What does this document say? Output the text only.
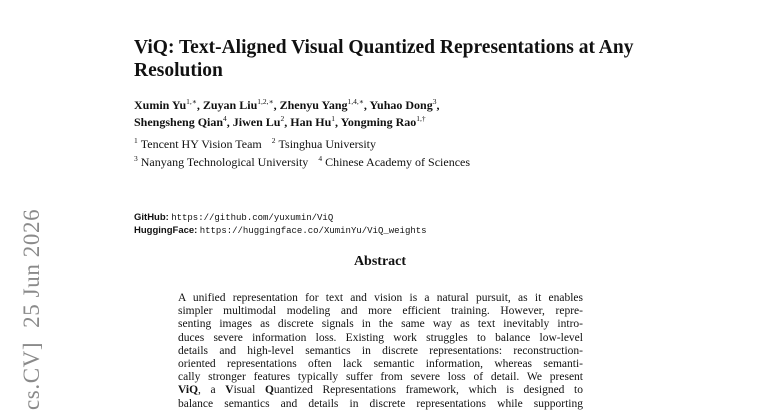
cs.CV]25 Jun 2026
ViQ: Text-Aligned Visual Quantized Representations at Any Resolution
Xumin $Yu^{1,∗}$, Zuyan Liu$^{1,2,∗}$, Zhenyu Yang$^{1,4,∗}$, Yuhao Dong$^3$,
Shengsheng Qian$^4$, Jiwen Lu$^2$, Han Hu$^1$, Yongming Rao$^{1,\dagger}$
$^1$ Tencent HY Vision Team $^2$ Tsinghua University
$^3$ Nanyang Technological University $^4$ Chinese Academy of Sciences
GitHub: https://github.com/yuxumin/ViQ
HuggingFace: https://huggingface.co/XuminYu/ViQ_weights
Abstract
A unified representation for text and vision is a natural pursuit, as it enables
simpler multimodal modeling and more efficient training. However, repre-
senting images as discrete signals in the same way as text inevitably intro-
duces severe information loss. Existing work struggles to balance low-level
details and high-level semantics in discrete representations: reconstruction-
oriented representations often lack semantic information, whereas semanti-
cally stronger features typically suffer from severe loss of detail. We present
ViQ, a Visual Quantized Representations framework, which is designed to
balance semantics and details in discrete representations while supporting
